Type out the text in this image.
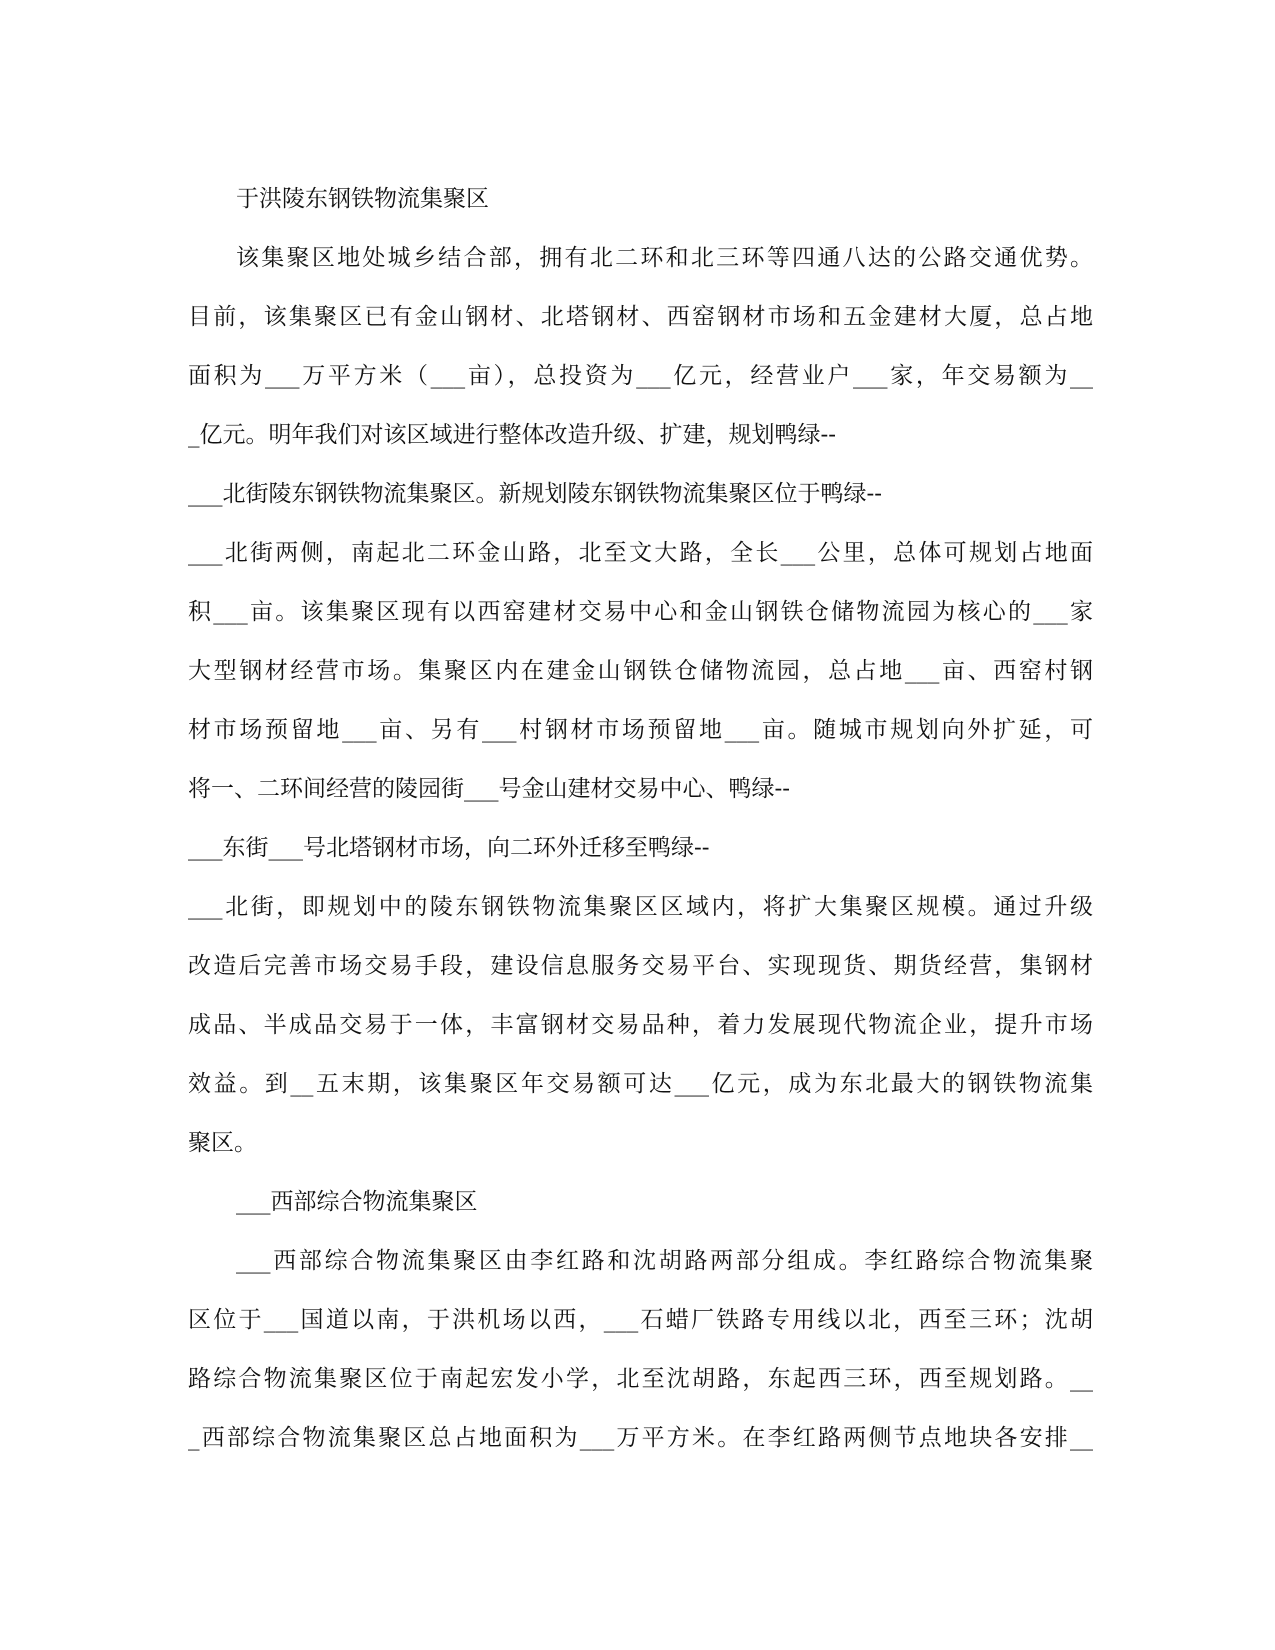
于洪陵东钢铁物流集聚区
该集聚区地处城乡结合部，拥有北二环和北三环等四通八达的公路交通优势。
目前，该集聚区已有金山钢材、北塔钢材、西窑钢材市场和五金建材大厦，总占地
面积为___万平方米（___亩），总投资为___亿元，经营业户___家，年交易额为__
_亿元。明年我们对该区域进行整体改造升级、扩建，规划鸭绿--
___北街陵东钢铁物流集聚区。新规划陵东钢铁物流集聚区位于鸭绿--
___北街两侧，南起北二环金山路，北至文大路，全长___公里，总体可规划占地面
积___亩。该集聚区现有以西窑建材交易中心和金山钢铁仓储物流园为核心的___家
大型钢材经营市场。集聚区内在建金山钢铁仓储物流园，总占地___亩、西窑村钢
材市场预留地___亩、另有___村钢材市场预留地___亩。随城市规划向外扩延，可
将一、二环间经营的陵园街___号金山建材交易中心、鸭绿--
___东街___号北塔钢材市场，向二环外迁移至鸭绿--
___北街，即规划中的陵东钢铁物流集聚区区域内，将扩大集聚区规模。通过升级
改造后完善市场交易手段，建设信息服务交易平台、实现现货、期货经营，集钢材
成品、半成品交易于一体，丰富钢材交易品种，着力发展现代物流企业，提升市场
效益。到__五末期，该集聚区年交易额可达___亿元，成为东北最大的钢铁物流集
聚区。
___西部综合物流集聚区
___西部综合物流集聚区由李红路和沈胡路两部分组成。李红路综合物流集聚
区位于___国道以南，于洪机场以西，___石蜡厂铁路专用线以北，西至三环；沈胡
路综合物流集聚区位于南起宏发小学，北至沈胡路，东起西三环，西至规划路。__
_西部综合物流集聚区总占地面积为___万平方米。在李红路两侧节点地块各安排__
